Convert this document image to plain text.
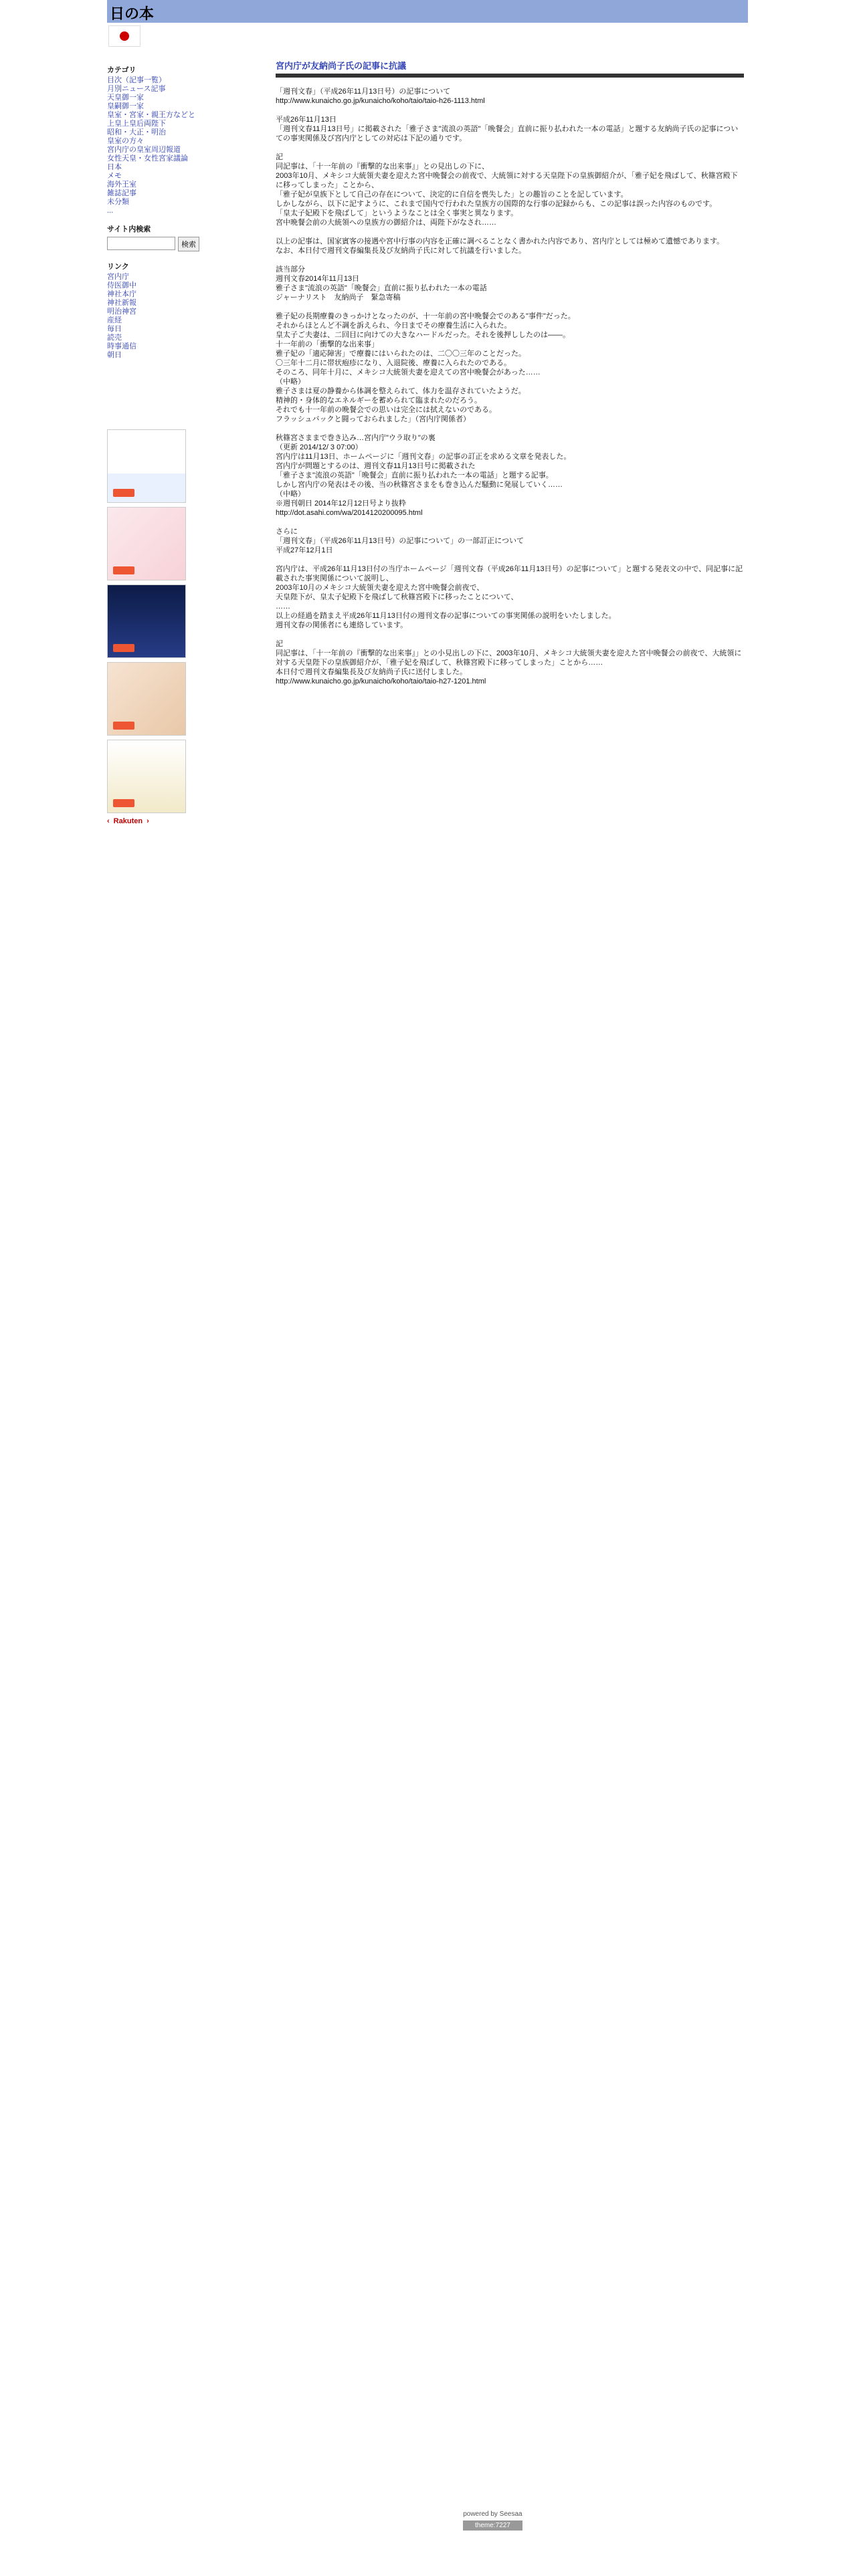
日の本
カテゴリ
目次（記事一覧）
月別ニュース記事
天皇御一家
皇嗣御一家
皇室・宮家・親王方などと
上皇上皇后両陛下
昭和・大正・明治
皇室の方々
宮内庁の皇室周辺報道
女性天皇・女性宮家議論
日本
メモ
海外王室
雑誌記事
未分類
...
サイト内検索
検索
リンク
宮内庁
侍医御中
神社本庁
神社新報
明治神宮
産経
毎日
読売
時事通信
朝日
‹ Rakuten ›
宮内庁が友納尚子氏の記事に抗議
「週刊文春」（平成26年11月13日号）の記事について
http://www.kunaicho.go.jp/kunaicho/koho/taio/taio-h26-1113.html
平成26年11月13日
「週刊文春11月13日号」に掲載された「雅子さま"流浪の英語"「晩餐会」直前に振り払われた一本の電話」と題する友納尚子氏の記事についての事実関係及び宮内庁としての対応は下記の通りです。
記
同記事は、「十一年前の『衝撃的な出来事』」との見出しの下に、
2003年10月、メキシコ大統領夫妻を迎えた宮中晩餐会の前夜で、大統領に対する天皇陛下の皇族御紹介が、「雅子妃を飛ばして、秋篠宮殿下に移ってしまった」ことから、
「雅子妃が皇族下として自己の存在について、決定的に自信を喪失した」との趣旨のことを記しています。
しかしながら、以下に記すように、これまで国内で行われた皇族方の国際的な行事の記録からも、この記事は誤った内容のものです。
「皇太子妃殿下を飛ばして」というようなことは全く事実と異なります。
宮中晩餐会前の大統領への皇族方の御紹介は、両陛下がなされ……
以上の記事は、国家賓客の接遇や宮中行事の内容を正確に調べることなく書かれた内容であり、宮内庁としては極めて遺憾であります。
なお、本日付で週刊文春編集長及び友納尚子氏に対して抗議を行いました。
該当部分
週刊文春2014年11月13日
雅子さま"流浪の英語"「晩餐会」直前に振り払われた一本の電話
ジャーナリスト　友納尚子　緊急寄稿
雅子妃の長期療養のきっかけとなったのが、十一年前の宮中晩餐会でのある"事件"だった。
それからほとんど不調を訴えられ、今日までその療養生活に入られた。
皇太子ご夫妻は、二回目に向けての大きなハードルだった。それを後押ししたのは——。
十一年前の「衝撃的な出来事」
雅子妃の「適応障害」で療養にはいられたのは、二〇〇三年のことだった。
〇三年十二月に帯状疱疹になり、入退院後、療養に入られたのである。
そのころ、同年十月に、メキシコ大統領夫妻を迎えての宮中晩餐会があった……
（中略）
雅子さまは夏の静養から体調を整えられて、体力を温存されていたようだ。
精神的・身体的なエネルギーを蓄められて臨まれたのだろう。
それでも十一年前の晩餐会での思いは完全には拭えないのである。
フラッシュバックと闘っておられました」（宮内庁関係者）
秋篠宮さままで巻き込み…宮内庁"ウラ取り"の裏
（更新 2014/12/ 3 07:00）
宮内庁は11月13日、ホームページに「週刊文春」の記事の訂正を求める文章を発表した。
宮内庁が問題とするのは、週刊文春11月13日号に掲載された
「雅子さま"流浪の英語"「晩餐会」直前に振り払われた一本の電話」と題する記事。
しかし宮内庁の発表はその後、当の秋篠宮さまをも巻き込んだ騒動に発展していく……
（中略）
※週刊朝日 2014年12月12日号より抜粋
http://dot.asahi.com/wa/2014120200095.html
さらに
「週刊文春」（平成26年11月13日号）の記事について」の一部訂正について
平成27年12月1日
宮内庁は、平成26年11月13日付の当庁ホームページ「週刊文春（平成26年11月13日号）の記事について」と題する発表文の中で、同記事に記載された事実関係について説明し、
2003年10月のメキシコ大統領夫妻を迎えた宮中晩餐会前夜で、
天皇陛下が、皇太子妃殿下を飛ばして秋篠宮殿下に移ったことについて、
……
以上の経過を踏まえ平成26年11月13日付の週刊文春の記事についての事実関係の説明をいたしました。
週刊文春の関係者にも連絡しています。
記
同記事は、「十一年前の『衝撃的な出来事』」との小見出しの下に、2003年10月、メキシコ大統領夫妻を迎えた宮中晩餐会の前夜で、大統領に対する天皇陛下の皇族御紹介が、「雅子妃を飛ばして、秋篠宮殿下に移ってしまった」ことから……
本日付で週刊文春編集長及び友納尚子氏に送付しました。
http://www.kunaicho.go.jp/kunaicho/koho/taio/taio-h27-1201.html
powered by Seesaa
theme:7227
